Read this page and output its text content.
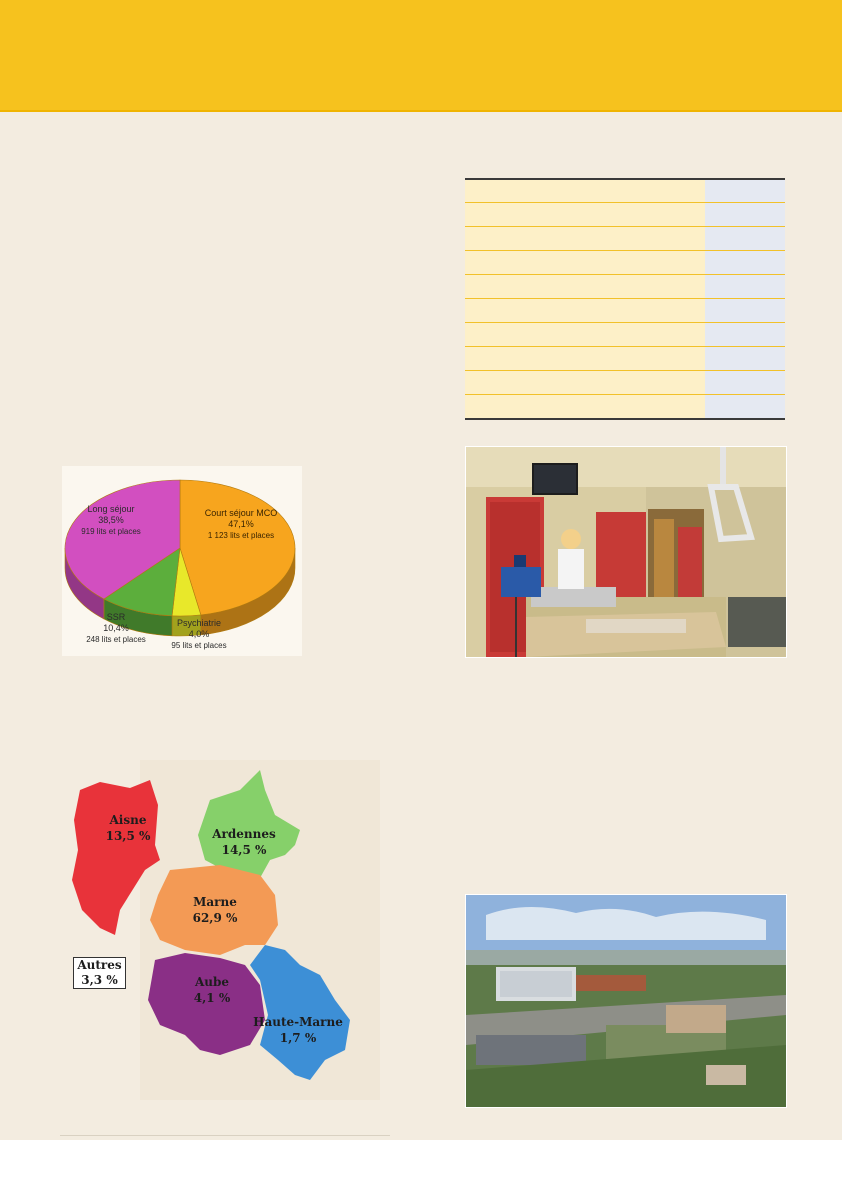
Long séjour
38,5%
919 lits et places
Court séjour MCO
47,1%
1 123 lits et places
SSR
10,4%
248 lits et places
Psychiatrie
4,0%
95 lits et places
Aisne
13,5 %	Ardennes
14,5 %
Marne
62,9 %
Aube
4,1 %
Haute-Marne
1,7 %
Autres
3,3 %
